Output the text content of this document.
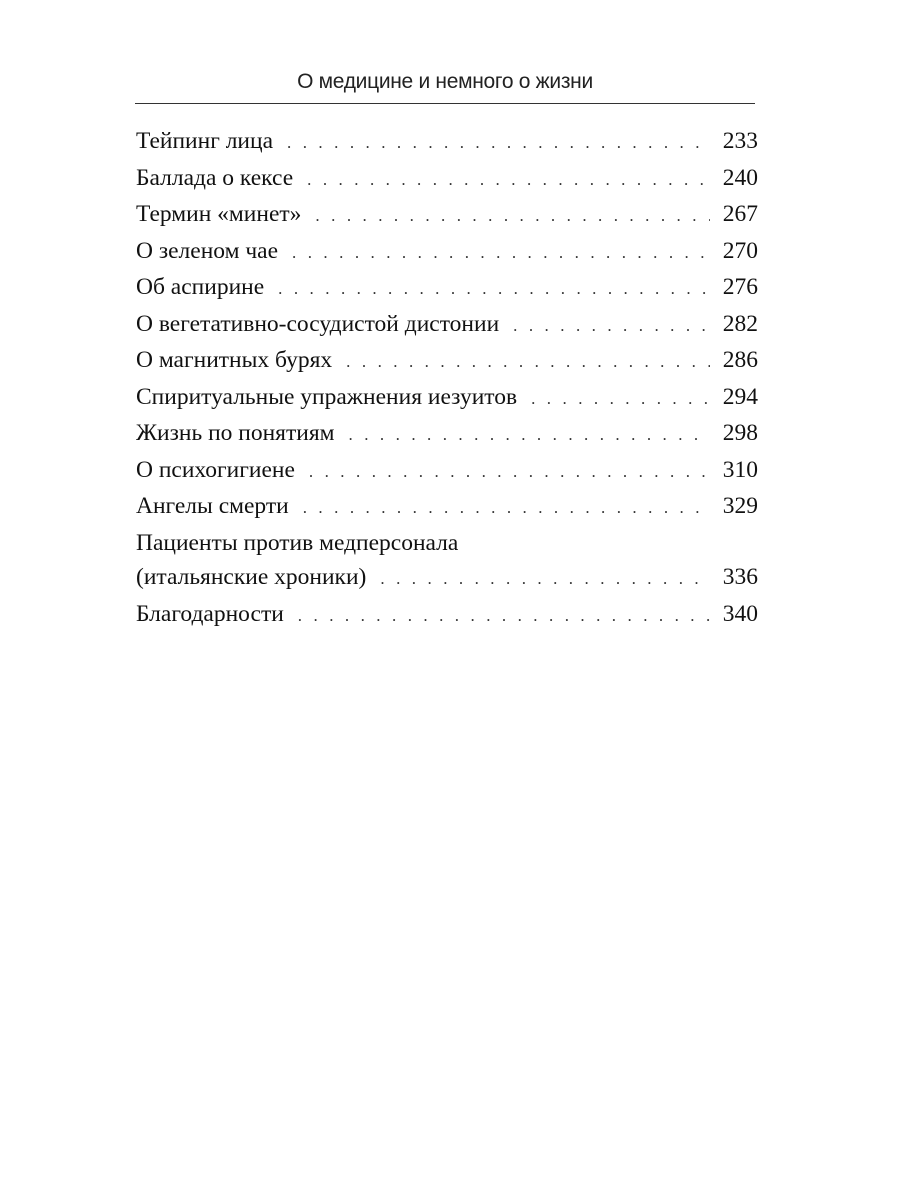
О медицине и немного о жизни
Тейпинг лица . . .	233
Баллада о кексе . . .	240
Термин «минет» . . .	267
О зеленом чае . . .	270
Об аспирине . . .	276
О вегетативно-сосудистой дистонии . . .	282
О магнитных бурях . . .	286
Спиритуальные упражнения иезуитов . . .	294
Жизнь по понятиям . . .	298
О психогигиене . . .	310
Ангелы смерти . . .	329
Пациенты против медперсонала
(итальянские хроники) . . .	336
Благодарности . . .	340
